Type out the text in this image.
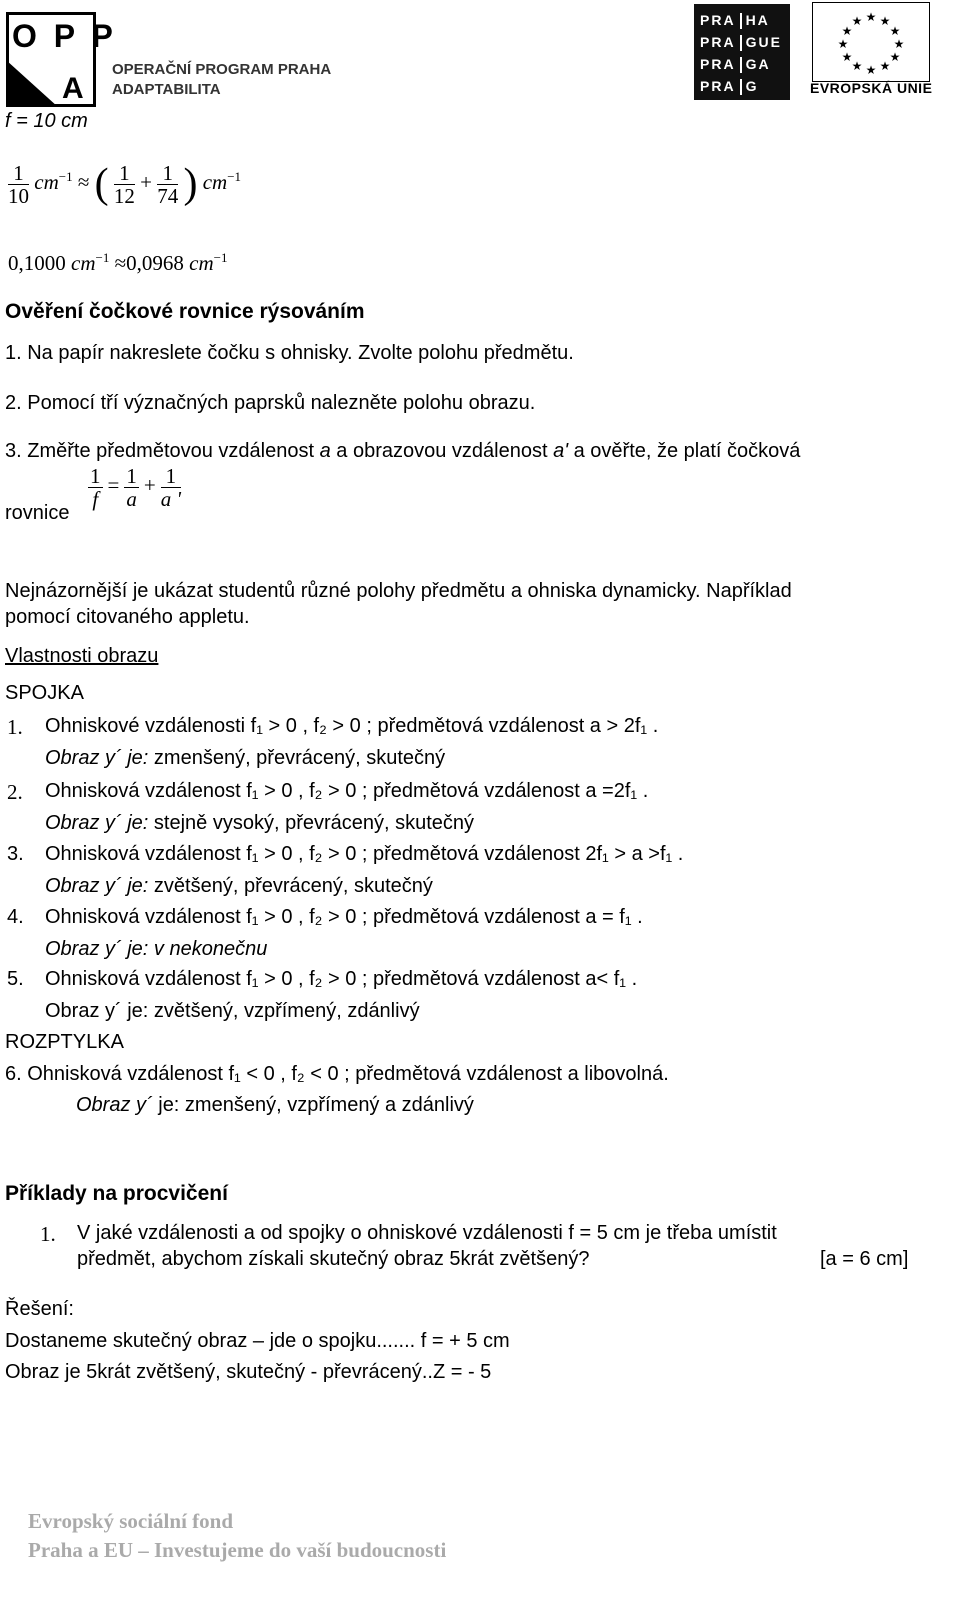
O P P
A
OPERAČNÍ PROGRAM PRAHA
ADAPTABILITA
PRA HA
PRA GUE
PRA GA
PRA G
★ ★
★
★
★
★
★
★
★
★
★
★
EVROPSKÁ UNIE
f = 10 cm
$\frac{1}{10} cm^{-1}$ ≈ ( $\frac{1}{12} + \frac{1}{74}$ ) $cm^{-1}$
0,1000 $cm^{-1} \approx 0,0968$ $cm^{-1}$
Ověření čočkové rovnice rýsováním
1. Na papír nakreslete čočku s ohnisky. Zvolte polohu předmětu.
2. Pomocí tří význačných paprsků nalezněte polohu obrazu.
3. Změřte předmětovou vzdálenost a a obrazovou vzdálenost a' a ověřte, že platí čočková
rovnice
$\frac{1}{f} = \frac{1}{a} + \frac{1}{a '}$
Nejnázornější je ukázat studentů různé polohy předmětu a ohniska dynamicky. Například
pomocí citovaného appletu.
Vlastnosti obrazu
SPOJKA
1. Ohniskové vzdálenosti f₁ > 0 , f₂ > 0 ; předmětová vzdálenost a > 2f₁ .
Obraz y´ je: zmenšený, převrácený, skutečný
2. Ohnisková vzdálenost f₁ > 0 , f₂ > 0 ; předmětová vzdálenost a =2f₁ .
Obraz y´ je: stejně vysoký, převrácený, skutečný
3. Ohnisková vzdálenost f₁ > 0 , f₂ > 0 ; předmětová vzdálenost 2f₁ > a >f₁ .
Obraz y´ je: zvětšený, převrácený, skutečný
4. Ohnisková vzdálenost f₁ > 0 , f₂ > 0 ; předmětová vzdálenost a = f₁ .
Obraz y´ je: v nekonečnu
5. Ohnisková vzdálenost f₁ > 0 , f₂ > 0 ; předmětová vzdálenost a< f₁ .
Obraz y´ je: zvětšený, vzpřímený, zdánlivý
ROZPTYLKA
6. Ohnisková vzdálenost f₁ < 0 , f₂ < 0 ; předmětová vzdálenost a libovolná.
Obraz y´ je: zmenšený, vzpřímený a zdánlivý
Příklady na procvičení
1. V jaké vzdálenosti a od spojky o ohniskové vzdálenosti f = 5 cm je třeba umístit
předmět, abychom získali skutečný obraz 5krát zvětšený?	[a = 6 cm]
Řešení:
Dostaneme skutečný obraz – jde o spojku....... f = + 5 cm
Obraz je 5krát zvětšený, skutečný - převrácený..Z = - 5
Evropský sociální fond
Praha a EU – Investujeme do vaší budoucnosti
